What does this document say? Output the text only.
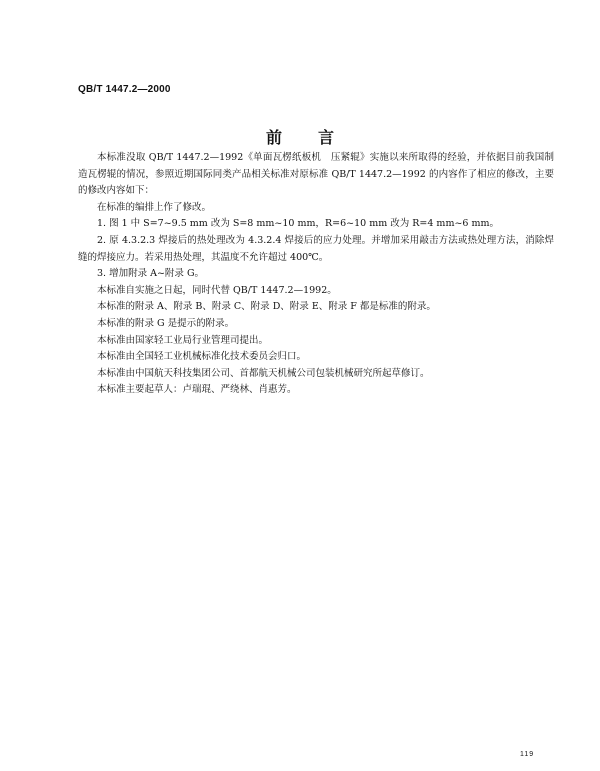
QB/T 1447.2—2000
前言

本标准没取 QB/T 1447.2—1992《单面瓦楞纸板机　压紧辊》实施以来所取得的经验，并依据目前我国制造瓦楞辊的情况，参照近期国际同类产品相关标准对原标准 QB/T 1447.2—1992 的内容作了相应的修改，主要的修改内容如下：

在标准的编排上作了修改。

1. 图 1 中 S=7~9.5 mm 改为 S=8 mm~10 mm，R=6~10 mm 改为 R=4 mm~6 mm。

2. 原 4.3.2.3 焊接后的热处理改为 4.3.2.4 焊接后的应力处理。并增加采用敲击方法或热处理方法，消除焊缝的焊接应力。若采用热处理，其温度不允许超过 400℃。

3. 增加附录 A~附录 G。

本标准自实施之日起，同时代替 QB/T 1447.2—1992。

本标准的附录 A、附录 B、附录 C、附录 D、附录 E、附录 F 都是标准的附录。

本标准的附录 G 是提示的附录。

本标准由国家轻工业局行业管理司提出。

本标准由全国轻工业机械标准化技术委员会归口。

本标准由中国航天科技集团公司、首都航天机械公司包装机械研究所起草修订。

本标准主要起草人：卢瑞琨、严绕林、肖惠芳。

119
